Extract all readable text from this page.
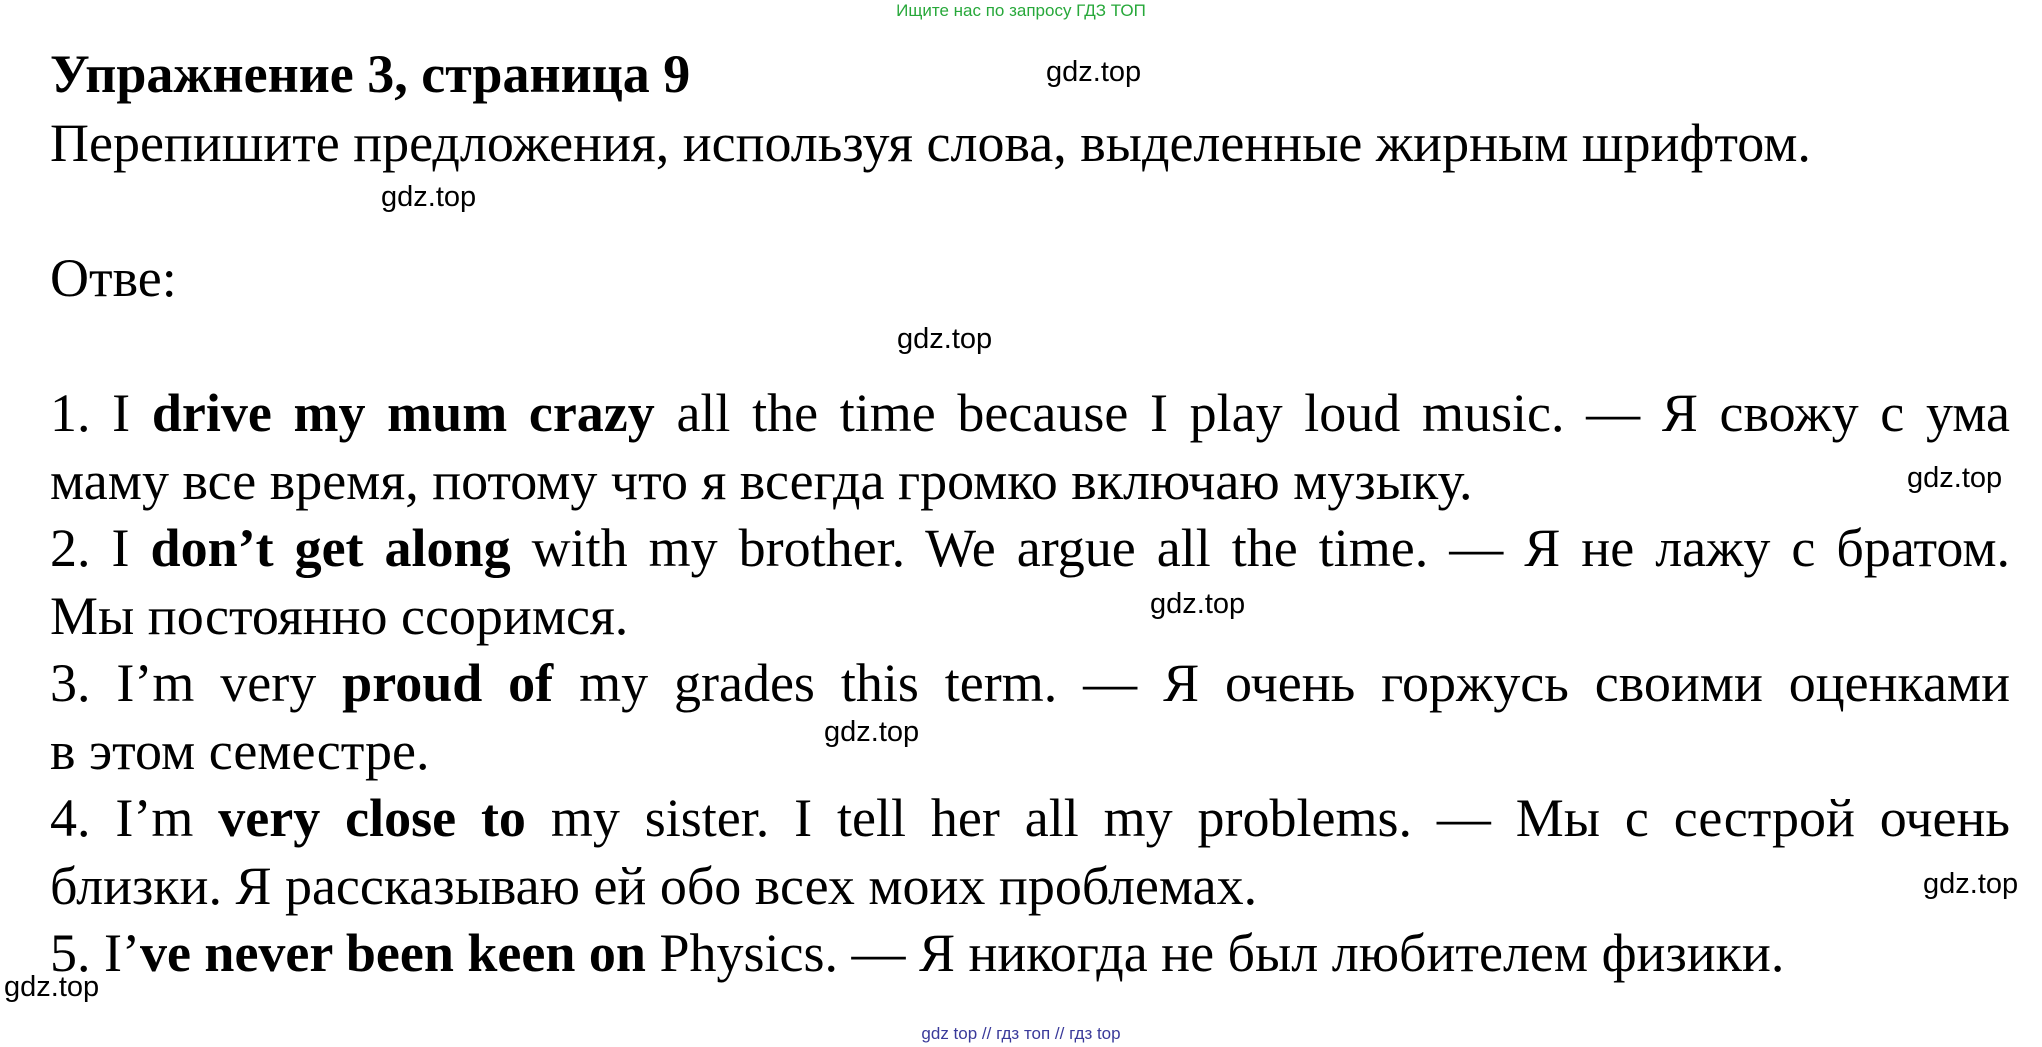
Ищите нас по запросу ГДЗ ТОП
Упражнение 3, страница 9
Перепишите предложения, используя слова, выделенные жирным шрифтом.
Отве:
1. I drive my mum crazy all the time because I play loud music. — Я свожу с ума
маму все время, потому что я всегда громко включаю музыку.
2. I don’t get along with my brother. We argue all the time. — Я не лажу с братом.
Мы постоянно ссоримся.
3. I’m very proud of my grades this term. — Я очень горжусь своими оценками
в этом семестре.
4. I’m very close to my sister. I tell her all my problems. — Мы с сестрой очень
близки. Я рассказываю ей обо всех моих проблемах.
5. I’ve never been keen on Physics. — Я никогда не был любителем физики.
gdz.top
gdz.top
gdz.top
gdz.top
gdz.top
gdz.top
gdz.top
gdz.top
gdz top // гдз топ // гдз top
